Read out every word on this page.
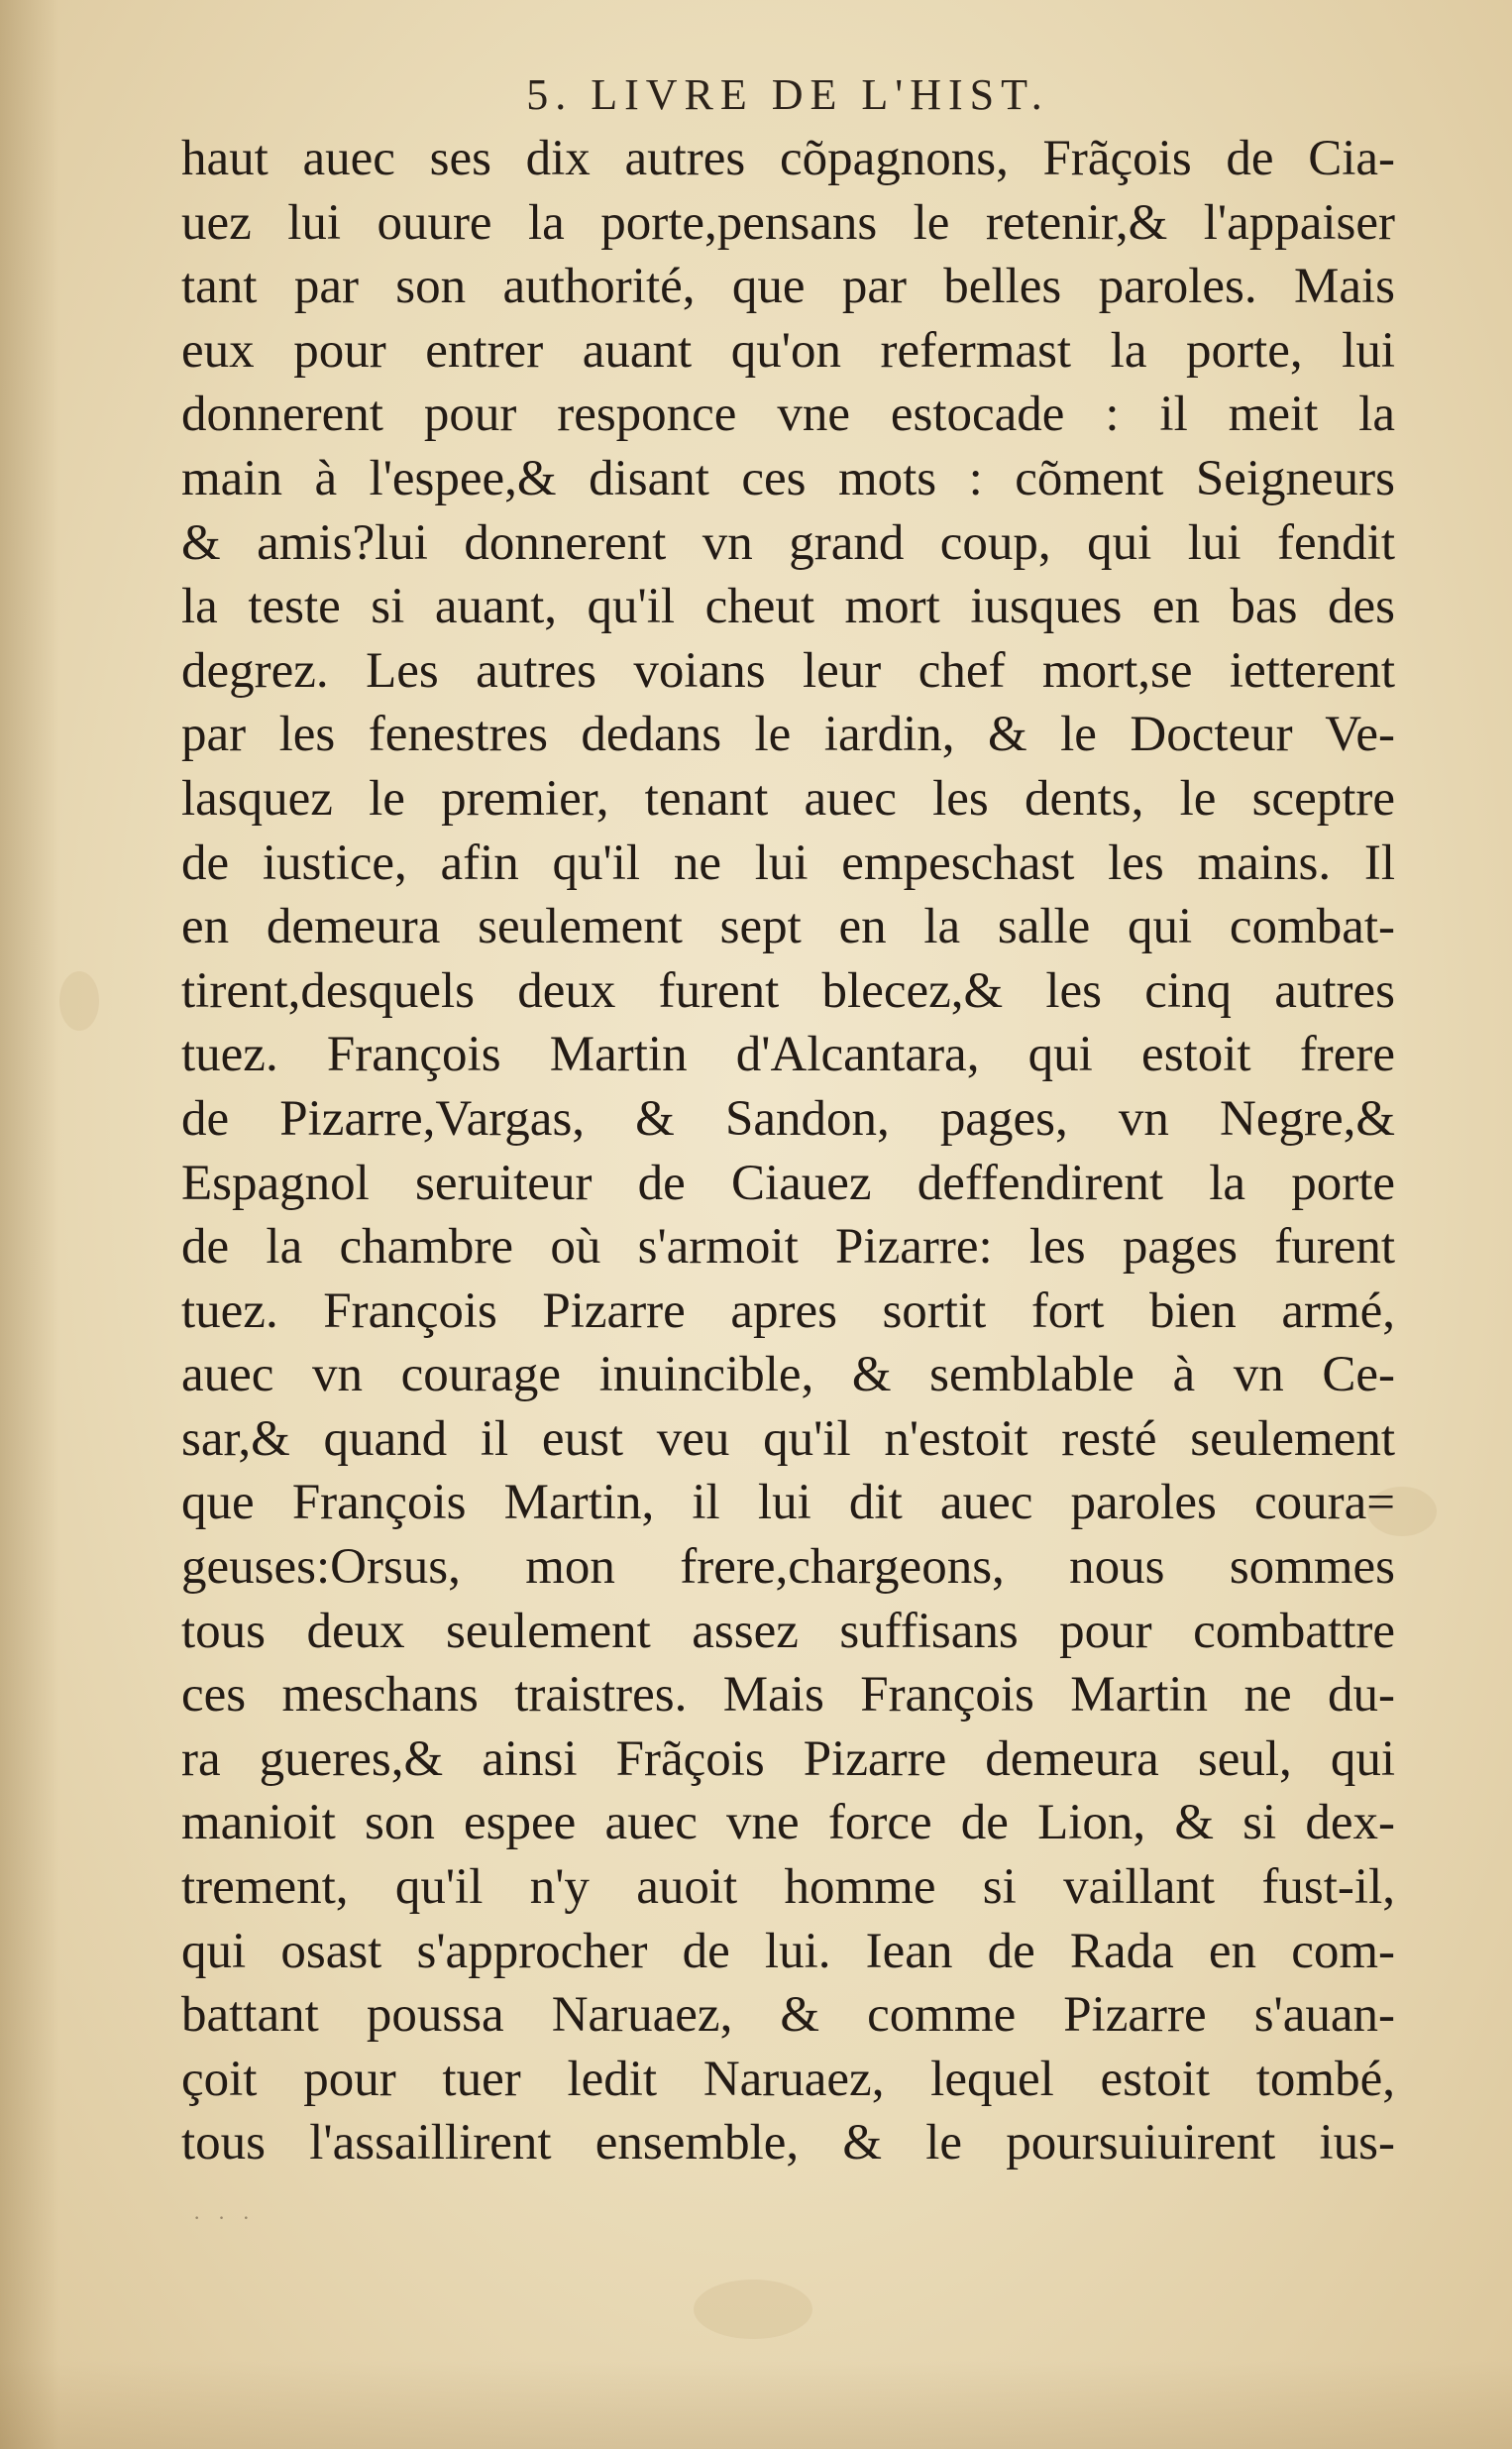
5. LIVRE DE L'HIST.
haut auec ses dix autres cõpagnons, Frãçois de Cia-
uez lui ouure la porte,pensans le retenir,& l'appaiser
tant par son authorité, que par belles paroles. Mais
eux pour entrer auant qu'on refermast la porte, lui
donnerent pour responce vne estocade : il meit la
main à l'espee,& disant ces mots : cõment Seigneurs
& amis?lui donnerent vn grand coup, qui lui fendit
la teste si auant, qu'il cheut mort iusques en bas des
degrez. Les autres voians leur chef mort,se ietterent
par les fenestres dedans le iardin, & le Docteur Ve-
lasquez le premier, tenant auec les dents, le sceptre
de iustice, afin qu'il ne lui empeschast les mains. Il
en demeura seulement sept en la salle qui combat-
tirent,desquels deux furent blecez,& les cinq autres
tuez. François Martin d'Alcantara, qui estoit frere
de Pizarre,Vargas, & Sandon, pages, vn Negre,&
Espagnol seruiteur de Ciauez deffendirent la porte
de la chambre où s'armoit Pizarre: les pages furent
tuez. François Pizarre apres sortit fort bien armé,
auec vn courage inuincible, & semblable à vn Ce-
sar,& quand il eust veu qu'il n'estoit resté seulement
que François Martin, il lui dit auec paroles coura=
geuses:Orsus, mon frere,chargeons, nous sommes
tous deux seulement assez suffisans pour combattre
ces meschans traistres. Mais François Martin ne du-
ra gueres,& ainsi Frãçois Pizarre demeura seul, qui
manioit son espee auec vne force de Lion, & si dex-
trement, qu'il n'y auoit homme si vaillant fust-il,
qui osast s'approcher de lui. Iean de Rada en com-
battant poussa Naruaez, & comme Pizarre s'auan-
çoit pour tuer ledit Naruaez, lequel estoit tombé,
tous l'assaillirent ensemble, & le poursuiuirent ius-
· · ·
